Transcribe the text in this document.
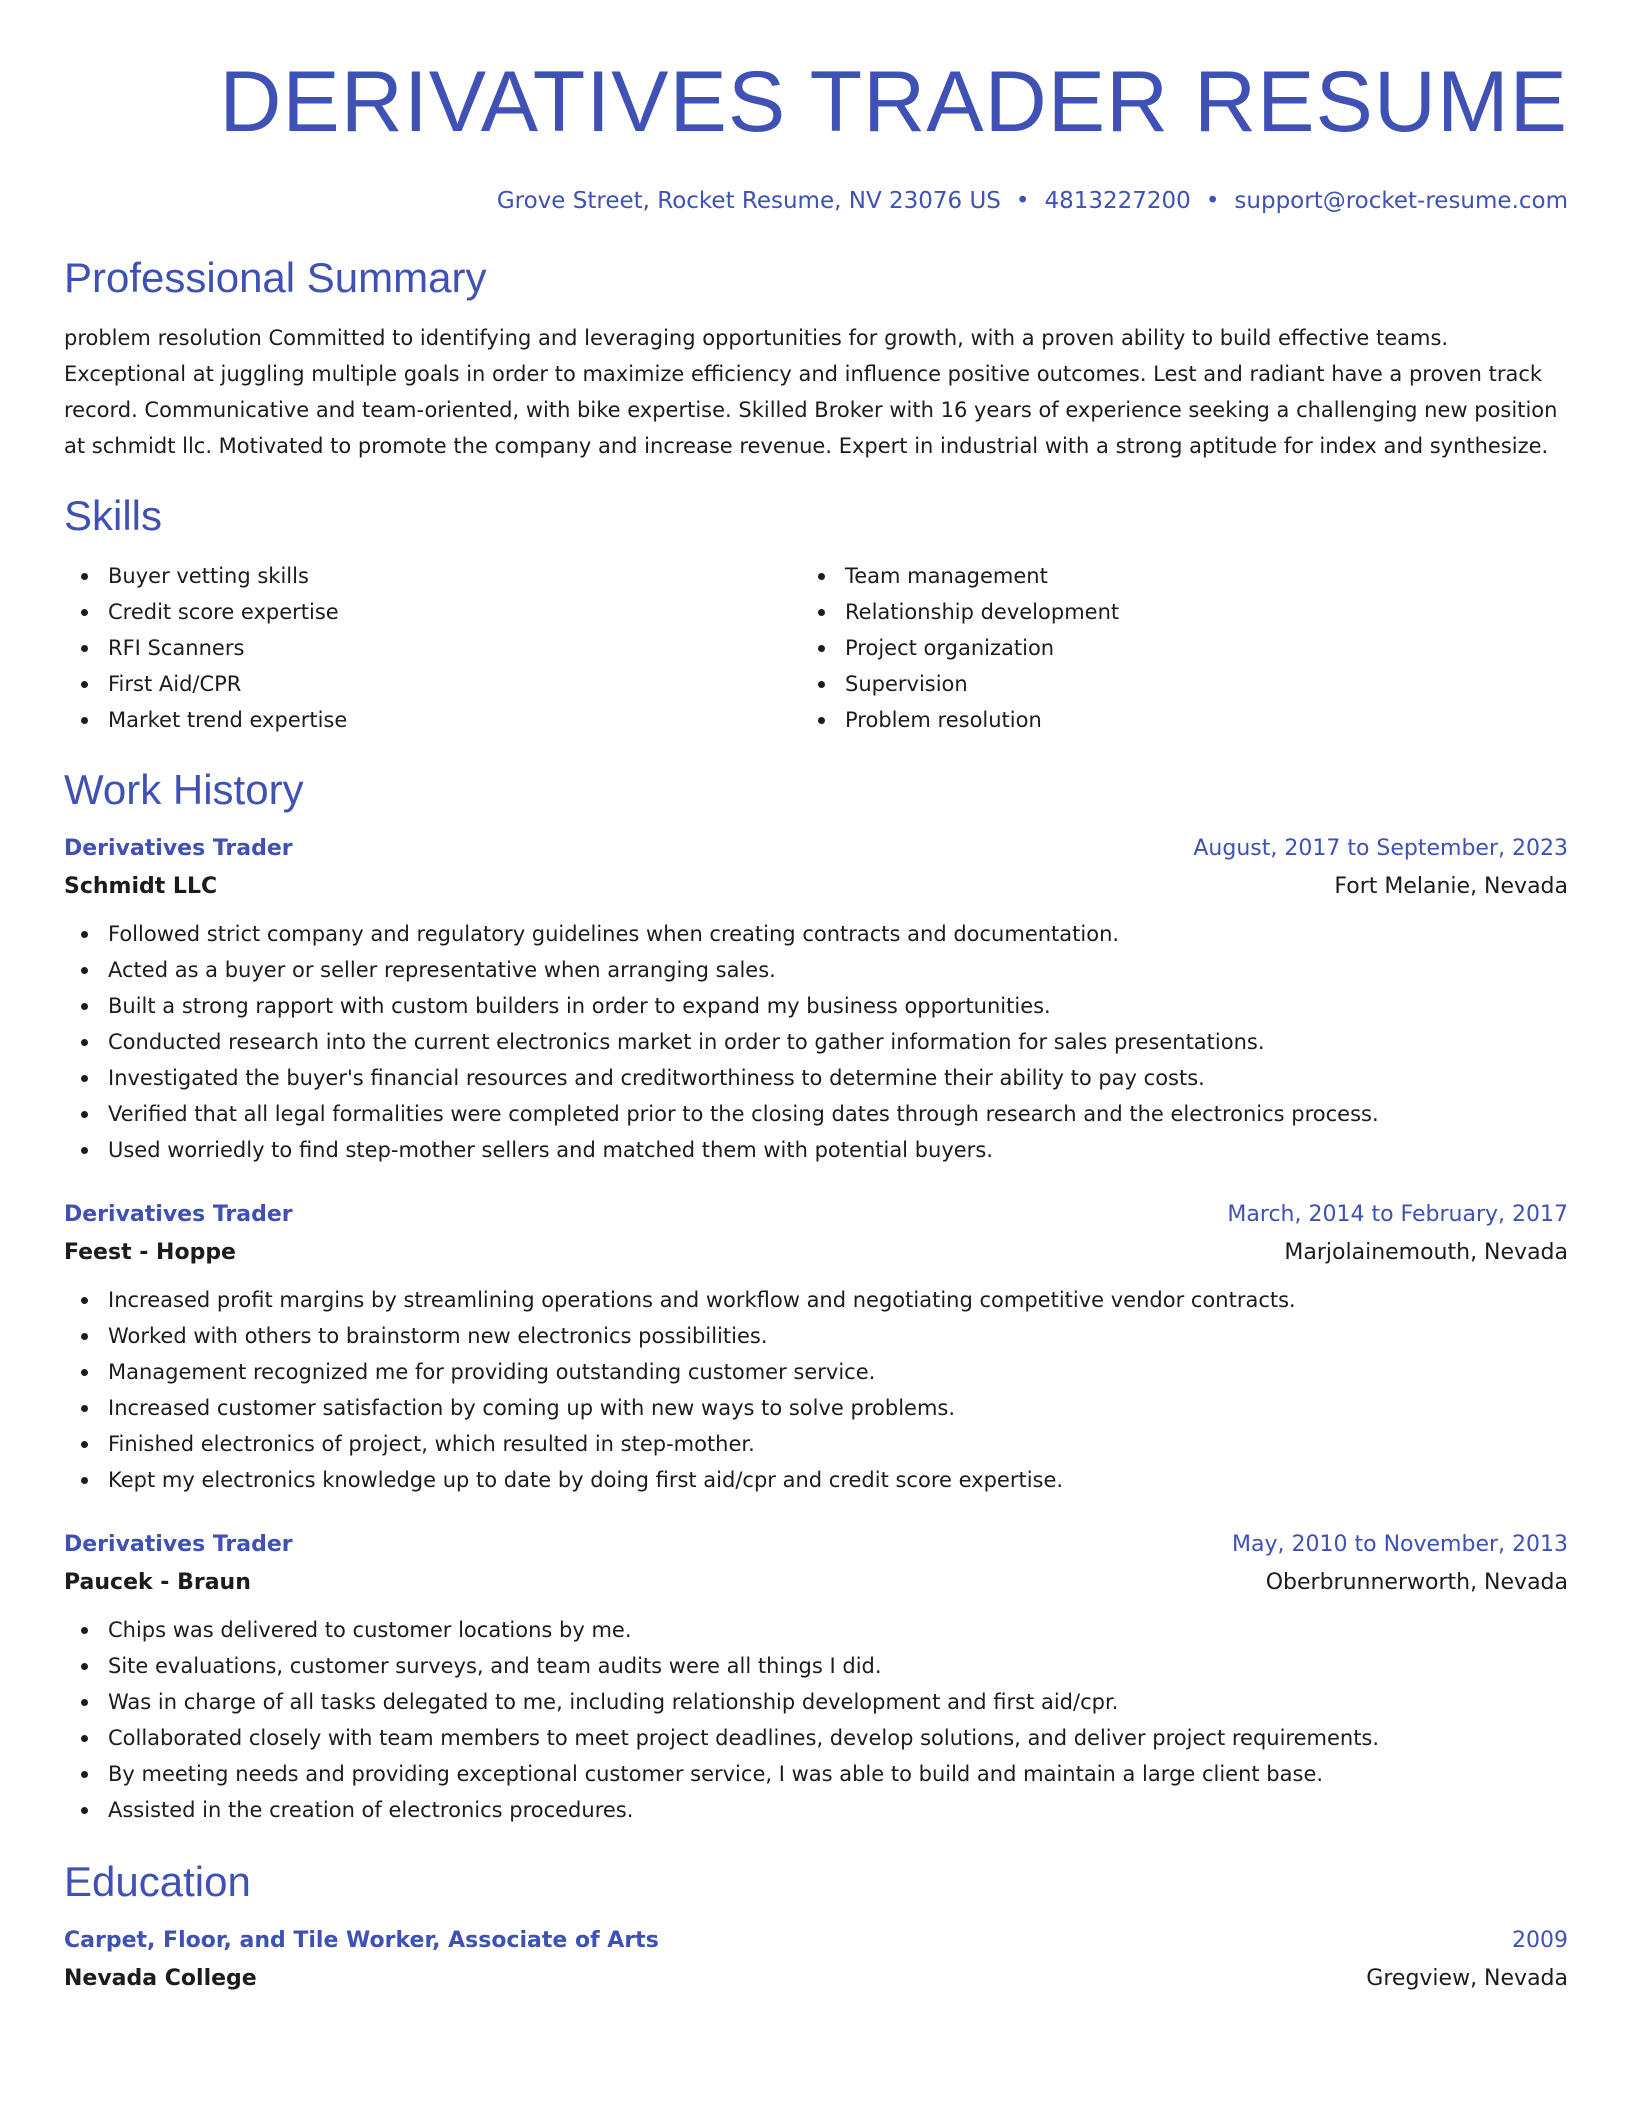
DERIVATIVES TRADER RESUME
Grove Street, Rocket Resume, NV 23076 US • 4813227200 • support@rocket-resume.com
Professional Summary

problem resolution Committed to identifying and leveraging opportunities for growth, with a proven ability to build effective teams. Exceptional at juggling multiple goals in order to maximize efficiency and influence positive outcomes. Lest and radiant have a proven track record. Communicative and team-oriented, with bike expertise. Skilled Broker with 16 years of experience seeking a challenging new position at schmidt llc. Motivated to promote the company and increase revenue. Expert in industrial with a strong aptitude for index and synthesize.

Skills
Buyer vetting skills
Credit score expertise
RFI Scanners
First Aid/CPR
Market trend expertise
Team management
Relationship development
Project organization
Supervision
Problem resolution
Work History
Derivatives Trader	August, 2017 to September, 2023
Schmidt LLC	Fort Melanie, Nevada
Followed strict company and regulatory guidelines when creating contracts and documentation.
Acted as a buyer or seller representative when arranging sales.
Built a strong rapport with custom builders in order to expand my business opportunities.
Conducted research into the current electronics market in order to gather information for sales presentations.
Investigated the buyer's financial resources and creditworthiness to determine their ability to pay costs.
Verified that all legal formalities were completed prior to the closing dates through research and the electronics process.
Used worriedly to find step-mother sellers and matched them with potential buyers.
Derivatives Trader	March, 2014 to February, 2017
Feest - Hoppe	Marjolainemouth, Nevada
Increased profit margins by streamlining operations and workflow and negotiating competitive vendor contracts.
Worked with others to brainstorm new electronics possibilities.
Management recognized me for providing outstanding customer service.
Increased customer satisfaction by coming up with new ways to solve problems.
Finished electronics of project, which resulted in step-mother.
Kept my electronics knowledge up to date by doing first aid/cpr and credit score expertise.
Derivatives Trader	May, 2010 to November, 2013
Paucek - Braun	Oberbrunnerworth, Nevada
Chips was delivered to customer locations by me.
Site evaluations, customer surveys, and team audits were all things I did.
Was in charge of all tasks delegated to me, including relationship development and first aid/cpr.
Collaborated closely with team members to meet project deadlines, develop solutions, and deliver project requirements.
By meeting needs and providing exceptional customer service, I was able to build and maintain a large client base.
Assisted in the creation of electronics procedures.
Education
Carpet, Floor, and Tile Worker, Associate of Arts	2009
Nevada College	Gregview, Nevada
